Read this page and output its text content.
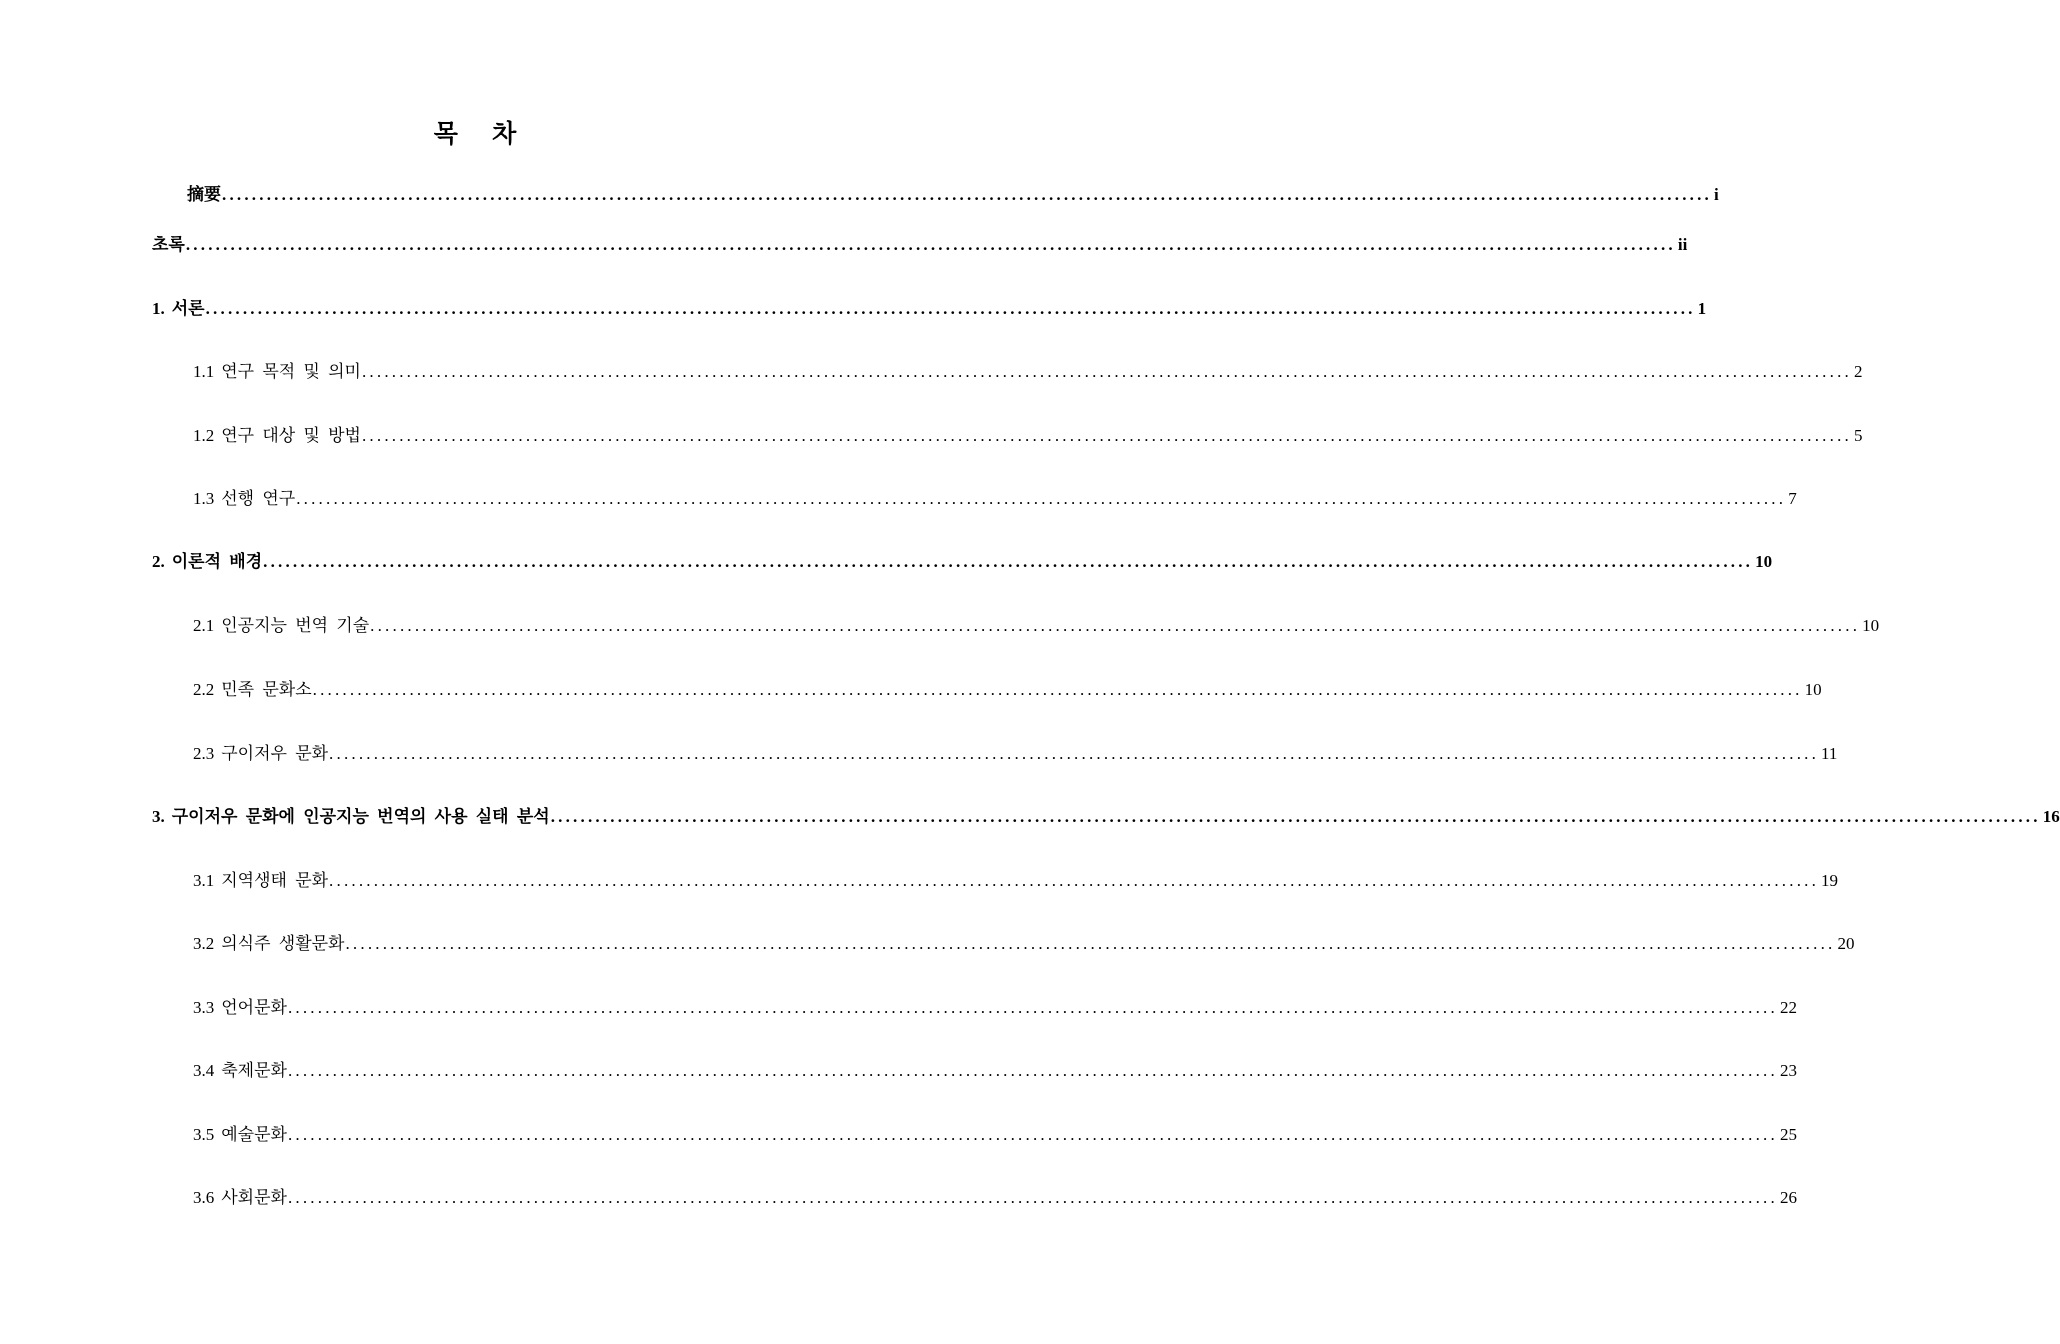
목 차
摘要 ........................................................................................................................................................................................................ i
초록 ........................................................................................................................................................................................................ ii
1. 서론 ........................................................................................................................................................................................................ 1
1.1 연구 목적 및 의미 ........................................................................................................................................................................................................ 2
1.2 연구 대상 및 방법 ........................................................................................................................................................................................................ 5
1.3 선행 연구 ........................................................................................................................................................................................................ 7
2. 이론적 배경 ........................................................................................................................................................................................................ 10
2.1 인공지능 번역 기술 ........................................................................................................................................................................................................ 10
2.2 민족 문화소 ........................................................................................................................................................................................................ 10
2.3 구이저우 문화 ........................................................................................................................................................................................................ 11
3. 구이저우 문화에 인공지능 번역의 사용 실태 분석 ........................................................................................................................................................................................................ 16
3.1 지역생태 문화 ........................................................................................................................................................................................................ 19
3.2 의식주 생활문화 ........................................................................................................................................................................................................ 20
3.3 언어문화 ........................................................................................................................................................................................................ 22
3.4 축제문화 ........................................................................................................................................................................................................ 23
3.5 예술문화 ........................................................................................................................................................................................................ 25
3.6 사회문화 ........................................................................................................................................................................................................ 26
